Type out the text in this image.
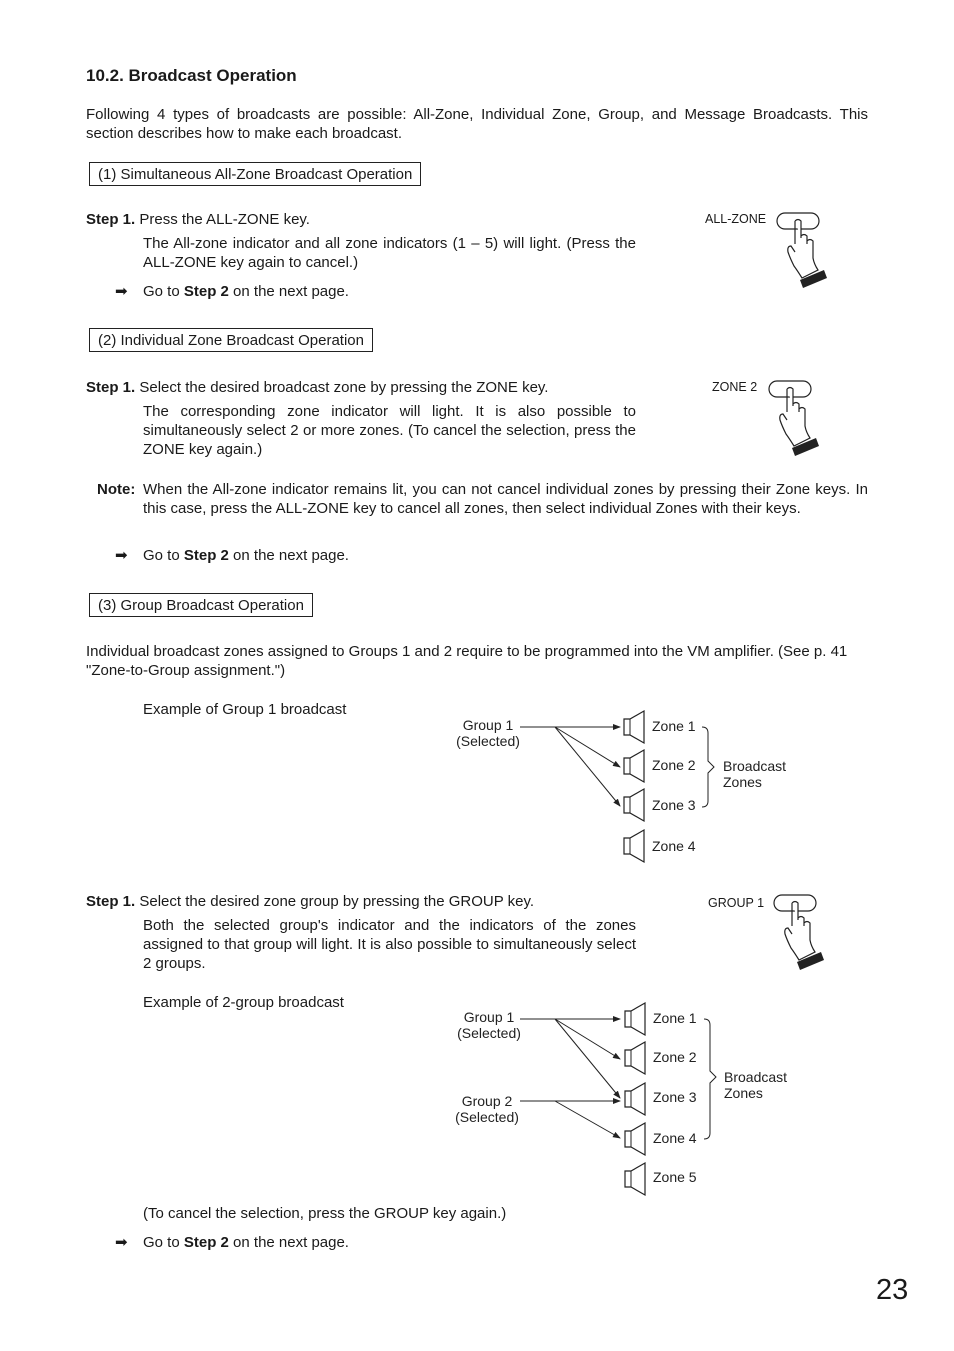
10.2. Broadcast Operation
Following 4 types of broadcasts are possible: All-Zone, Individual Zone, Group, and Message Broadcasts. This section describes how to make each broadcast.
(1) Simultaneous All-Zone Broadcast Operation
Step 1. Press the ALL-ZONE key.
The All-zone indicator and all zone indicators (1 – 5) will light. (Press the ALL-ZONE key again to cancel.)
➡ Go to Step 2 on the next page.
ALL-ZONE
(2) Individual Zone Broadcast Operation
Step 1. Select the desired broadcast zone by pressing the ZONE key.
The corresponding zone indicator will light. It is also possible to simultaneously select 2 or more zones. (To cancel the selection, press the ZONE key again.)
ZONE 2
Note: When the All-zone indicator remains lit, you can not cancel individual zones by pressing their Zone keys. In this case, press the ALL-ZONE key to cancel all zones, then select individual Zones with their keys.
➡ Go to Step 2 on the next page.
(3) Group Broadcast Operation
Individual broadcast zones assigned to Groups 1 and 2 require to be programmed into the VM amplifier. (See p. 41 "Zone-to-Group assignment.")
Example of Group 1 broadcast
Group 1
(Selected)
Zone 1
Zone 2
Zone 3
Zone 4
Broadcast
Zones
Step 1. Select the desired zone group by pressing the GROUP key.
Both the selected group's indicator and the indicators of the zones assigned to that group will light. It is also possible to simultaneously select 2 groups.
GROUP 1
Example of 2-group broadcast
Group 1
(Selected)
Group 2
(Selected)
Zone 1
Zone 2
Zone 3
Zone 4
Zone 5
Broadcast
Zones
(To cancel the selection, press the GROUP key again.)
➡ Go to Step 2 on the next page.
23
